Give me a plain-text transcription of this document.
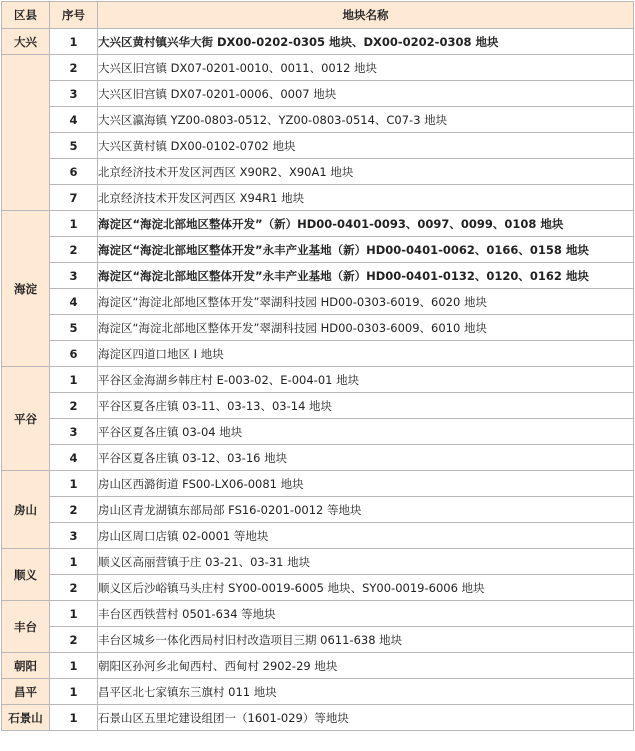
区县	序号	地块名称
大兴	1	大兴区黄村镇兴华大街 DX00-0202-0305 地块、DX00-0202-0308 地块
	2	大兴区旧宫镇 DX07-0201-0010、0011、0012 地块
	3	大兴区旧宫镇 DX07-0201-0006、0007 地块
	4	大兴区瀛海镇 YZ00-0803-0512、YZ00-0803-0514、C07-3 地块
	5	大兴区黄村镇 DX00-0102-0702 地块
	6	北京经济技术开发区河西区 X90R2、X90A1 地块
	7	北京经济技术开发区河西区 X94R1 地块
海淀	1	海淀区“海淀北部地区整体开发”（新）HD00-0401-0093、0097、0099、0108 地块
	2	海淀区“海淀北部地区整体开发”永丰产业基地（新）HD00-0401-0062、0166、0158 地块
	3	海淀区“海淀北部地区整体开发”永丰产业基地（新）HD00-0401-0132、0120、0162 地块
	4	海淀区“海淀北部地区整体开发”翠湖科技园 HD00-0303-6019、6020 地块
	5	海淀区“海淀北部地区整体开发”翠湖科技园 HD00-0303-6009、6010 地块
	6	海淀区四道口地区 I 地块
平谷	1	平谷区金海湖乡韩庄村 E-003-02、E-004-01 地块
	2	平谷区夏各庄镇 03-11、03-13、03-14 地块
	3	平谷区夏各庄镇 03-04 地块
	4	平谷区夏各庄镇 03-12、03-16 地块
房山	1	房山区西潞街道 FS00-LX06-0081 地块
	2	房山区青龙湖镇东部局部 FS16-0201-0012 等地块
	3	房山区周口店镇 02-0001 等地块
顺义	1	顺义区高丽营镇于庄 03-21、03-31 地块
	2	顺义区后沙峪镇马头庄村 SY00-0019-6005 地块、SY00-0019-6006 地块
丰台	1	丰台区西铁营村 0501-634 等地块
	2	丰台区城乡一体化西局村旧村改造项目三期 0611-638 地块
朝阳	1	朝阳区孙河乡北甸西村、西甸村 2902-29 地块
昌平	1	昌平区北七家镇东三旗村 011 地块
石景山	1	石景山区五里坨建设组团一（1601-029）等地块
